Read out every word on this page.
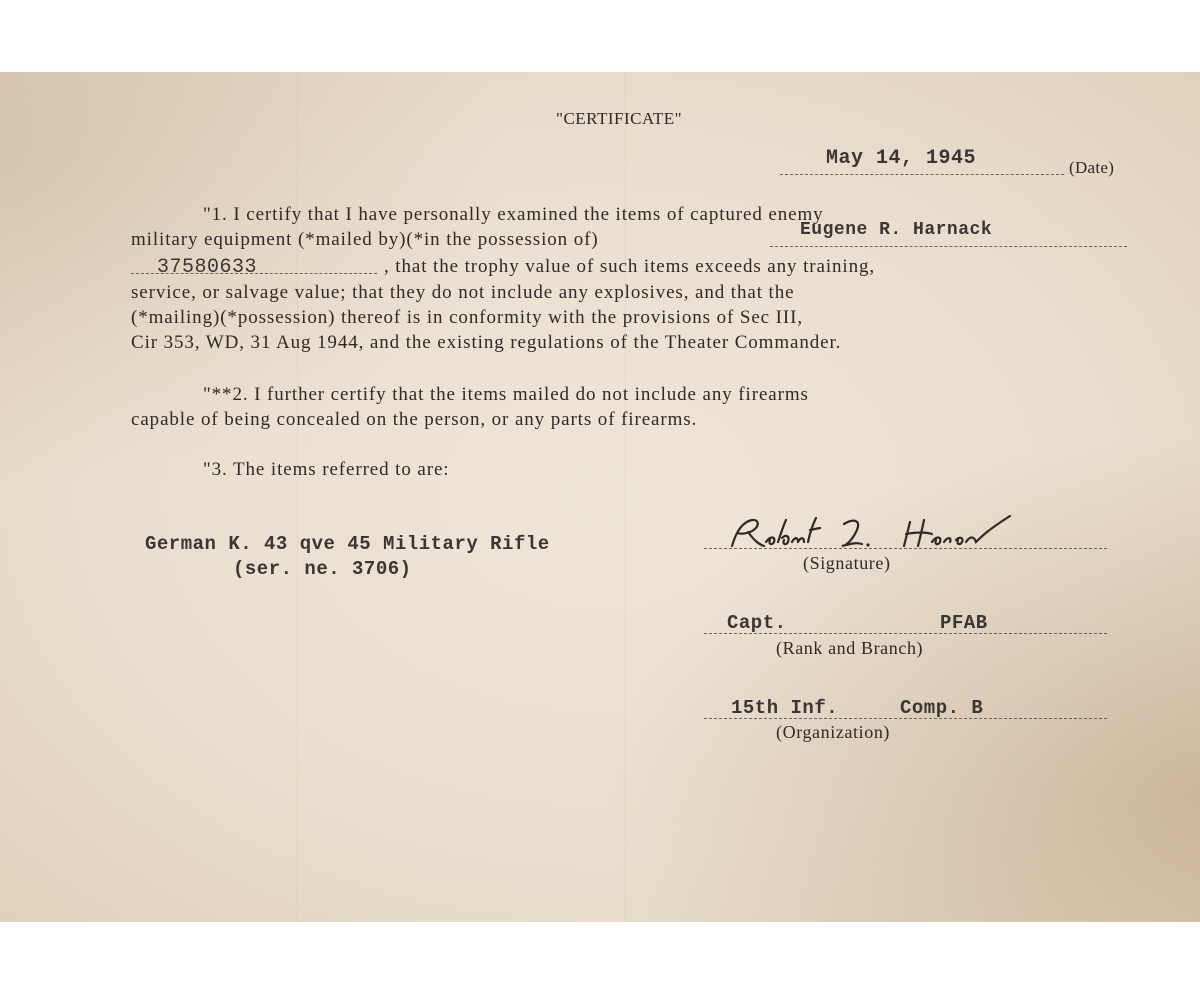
"CERTIFICATE"

May 14, 1945	(Date)

"1. I certify that I have personally examined the items of captured enemy

military equipment (*mailed by)(*in the possession of)	Eugene R. Harnack

37580633	, that the trophy value of such items exceeds any training,

service, or salvage value; that they do not include any explosives, and that the

(*mailing)(*possession) thereof is in conformity with the provisions of Sec III,

Cir 353, WD, 31 Aug 1944, and the existing regulations of the Theater Commander.

"**2. I further certify that the items mailed do not include any firearms

capable of being concealed on the person, or any parts of firearms.

"3. The items referred to are:

German K. 43 qve 45 Military Rifle

(ser. ne. 3706)	(Signature)

Capt.	PFAB

(Rank and Branch)

15th Inf.	Comp. B

(Organization)
